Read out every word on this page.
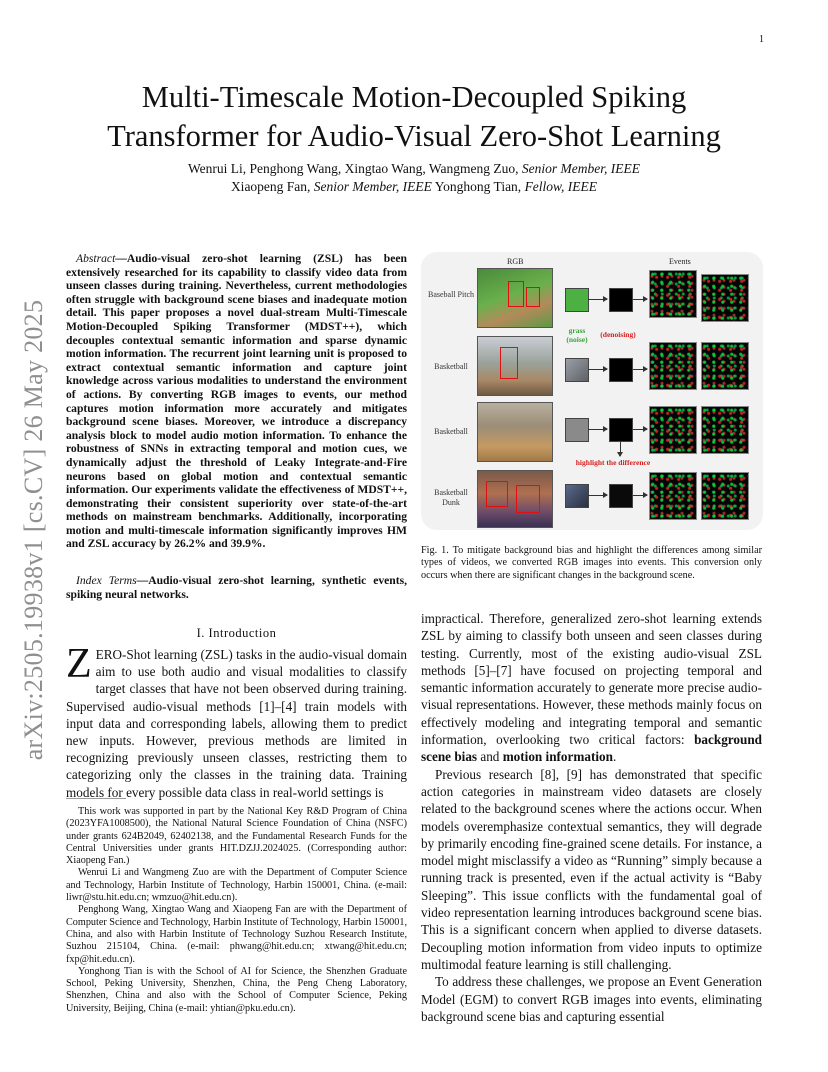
1
arXiv:2505.19938v1 [cs.CV] 26 May 2025
Multi-Timescale Motion-Decoupled Spiking
Transformer for Audio-Visual Zero-Shot Learning
Wenrui Li, Penghong Wang, Xingtao Wang, Wangmeng Zuo, Senior Member, IEEE
Xiaopeng Fan, Senior Member, IEEE Yonghong Tian, Fellow, IEEE

Abstract—Audio-visual zero-shot learning (ZSL) has been extensively researched for its capability to classify video data from unseen classes during training. Nevertheless, current methodologies often struggle with background scene biases and inadequate motion detail. This paper proposes a novel dual-stream Multi-Timescale Motion-Decoupled Spiking Transformer (MDST++), which decouples contextual semantic information and sparse dynamic motion information. The recurrent joint learning unit is proposed to extract contextual semantic information and capture joint knowledge across various modalities to understand the environment of actions. By converting RGB images to events, our method captures motion information more accurately and mitigates background scene biases. Moreover, we introduce a discrepancy analysis block to model audio motion information. To enhance the robustness of SNNs in extracting temporal and motion cues, we dynamically adjust the threshold of Leaky Integrate-and-Fire neurons based on global motion and contextual semantic information. Our experiments validate the effectiveness of MDST++, demonstrating their consistent superiority over state-of-the-art methods on mainstream benchmarks. Additionally, incorporating motion and multi-timescale information significantly improves HM and ZSL accuracy by 26.2% and 39.9%.

Index Terms—Audio-visual zero-shot learning, synthetic events, spiking neural networks.

I. Introduction

ZERO-Shot learning (ZSL) tasks in the audio-visual domain aim to use both audio and visual modalities to classify target classes that have not been observed during training. Supervised audio-visual methods [1]–[4] train models with input data and corresponding labels, allowing them to predict new inputs. However, previous methods are limited in recognizing previously unseen classes, restricting them to categorizing only the classes in the training data. Training models for every possible data class in real-world settings is

This work was supported in part by the National Key R&D Program of China (2023YFA1008500), the National Natural Science Foundation of China (NSFC) under grants 624B2049, 62402138, and the Fundamental Research Funds for the Central Universities under grants HIT.DZJJ.2024025. (Corresponding author: Xiaopeng Fan.)

Wenrui Li and Wangmeng Zuo are with the Department of Computer Science and Technology, Harbin Institute of Technology, Harbin 150001, China. (e-mail: liwr@stu.hit.edu.cn; wmzuo@hit.edu.cn).

Penghong Wang, Xingtao Wang and Xiaopeng Fan are with the Department of Computer Science and Technology, Harbin Institute of Technology, Harbin 150001, China, and also with Harbin Institute of Technology Suzhou Research Institute, Suzhou 215104, China. (e-mail: phwang@hit.edu.cn; xtwang@hit.edu.cn; fxp@hit.edu.cn).

Yonghong Tian is with the School of AI for Science, the Shenzhen Graduate School, Peking University, Shenzhen, China, the Peng Cheng Laboratory, Shenzhen, China and also with the School of Computer Science, Peking University, Beijing, China (e-mail: yhtian@pku.edu.cn).

RGB	Events
Baseball Pitch
Basketball
Basketball
Basketball Dunk
grass
(noise)
(denoising)
highlight the difference

Fig. 1. To mitigate background bias and highlight the differences among similar types of videos, we converted RGB images into events. This conversion only occurs when there are significant changes in the background scene.

impractical. Therefore, generalized zero-shot learning extends ZSL by aiming to classify both unseen and seen classes during testing. Currently, most of the existing audio-visual ZSL methods [5]–[7] have focused on projecting temporal and semantic information accurately to generate more precise audio-visual representations. However, these methods mainly focus on effectively modeling and integrating temporal and semantic information, overlooking two critical factors: background scene bias and motion information.

Previous research [8], [9] has demonstrated that specific action categories in mainstream video datasets are closely related to the background scenes where the actions occur. When models overemphasize contextual semantics, they will degrade by primarily encoding fine-grained scene details. For instance, a model might misclassify a video as “Running” simply because a running track is presented, even if the actual activity is “Baby Sleeping”. This issue conflicts with the fundamental goal of video representation learning introduces background scene bias. This is a significant concern when applied to diverse datasets. Decoupling motion information from video inputs to optimize multimodal feature learning is still challenging.

To address these challenges, we propose an Event Generation Model (EGM) to convert RGB images into events, eliminating background scene bias and capturing essential
